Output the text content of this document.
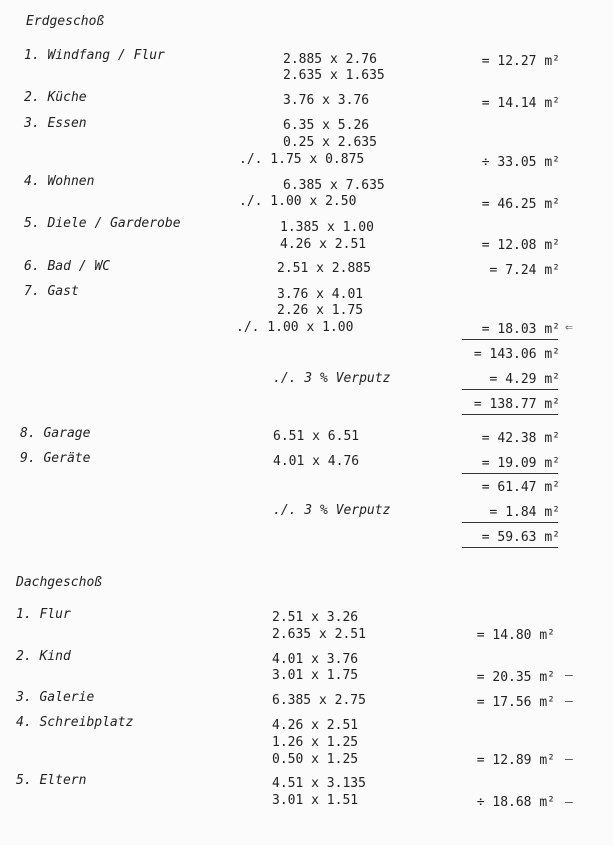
Erdgeschoß
1. Windfang / Flur
2. Küche
3. Essen
4. Wohnen
5. Diele / Garderobe
6. Bad / WC
7. Gast
8. Garage
9. Geräte
2.885 x 2.76
2.635 x 1.635
3.76 x 3.76
6.35 x 5.26
0.25 x 2.635
./. 1.75 x 0.875
6.385 x 7.635
./. 1.00 x 2.50
1.385 x 1.00
4.26 x 2.51
2.51 x 2.885
3.76 x 4.01
2.26 x 1.75
./. 1.00 x 1.00
./. 3 % Verputz
6.51 x 6.51
4.01 x 4.76
./. 3 % Verputz
= 12.27 m²
= 14.14 m²
÷ 33.05 m²
= 46.25 m²
= 12.08 m²
= 7.24 m²
= 18.03 m² ⇐
= 143.06 m²
= 4.29 m²
= 138.77 m²
= 42.38 m²
= 19.09 m²
= 61.47 m²
= 1.84 m²
= 59.63 m²
Dachgeschoß
1. Flur
2. Kind
3. Galerie
4. Schreibplatz
5. Eltern
2.51 x 3.26
2.635 x 2.51
4.01 x 3.76
3.01 x 1.75
6.385 x 2.75
4.26 x 2.51
1.26 x 1.25
0.50 x 1.25
4.51 x 3.135
3.01 x 1.51
= 14.80 m²
= 20.35 m² –
= 17.56 m² –
= 12.89 m² –
÷ 18.68 m² –
